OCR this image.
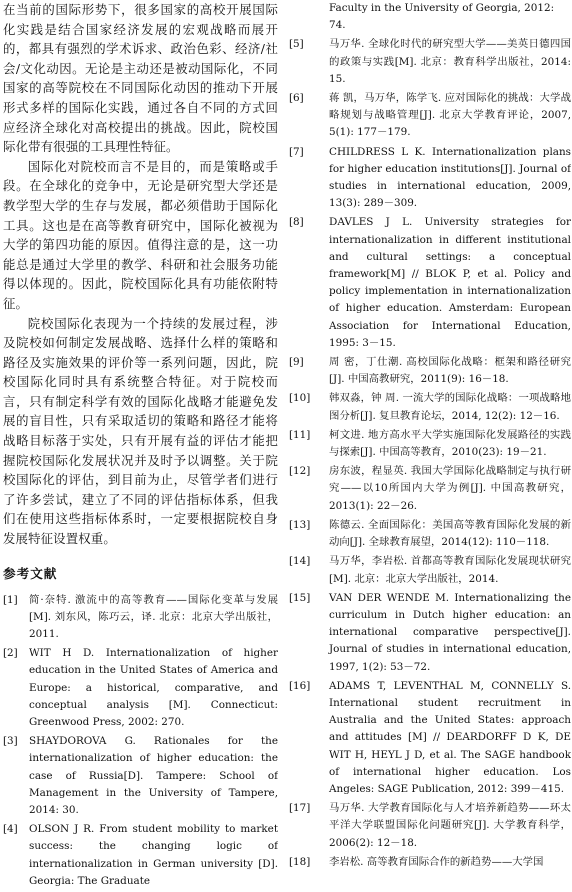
在当前的国际形势下，很多国家的高校开展国际化实践是结合国家经济发展的宏观战略而展开的，都具有强烈的学术诉求、政治色彩、经济/社会/文化动因。无论是主动还是被动国际化，不同国家的高等院校在不同国际化动因的推动下开展形式多样的国际化实践，通过各自不同的方式回应经济全球化对高校提出的挑战。因此，院校国际化带有很强的工具理性特征。

国际化对院校而言不是目的，而是策略或手段。在全球化的竞争中，无论是研究型大学还是教学型大学的生存与发展，都必须借助于国际化工具。这也是在高等教育研究中，国际化被视为大学的第四功能的原因。值得注意的是，这一功能总是通过大学里的教学、科研和社会服务功能得以体现的。因此，院校国际化具有功能依附特征。

院校国际化表现为一个持续的发展过程，涉及院校如何制定发展战略、选择什么样的策略和路径及实施效果的评价等一系列问题，因此，院校国际化同时具有系统整合特征。对于院校而言，只有制定科学有效的国际化战略才能避免发展的盲目性，只有采取适切的策略和路径才能将战略目标落于实处，只有开展有益的评估才能把握院校国际化发展状况并及时予以调整。关于院校国际化的评估，到目前为止，尽管学者们进行了许多尝试，建立了不同的评估指标体系，但我们在使用这些指标体系时，一定要根据院校自身发展特征设置权重。

参考文献
[1]	简·奈特. 激流中的高等教育——国际化变革与发展[M]. 刘东风，陈巧云，译. 北京：北京大学出版社，2011.
[2]	WIT H D. Internationalization of higher education in the United States of America and Europe: a historical, comparative, and conceptual analysis [M]. Connecticut: Greenwood Press, 2002: 270.
[3]	SHAYDOROVA G. Rationales for the internationalization of higher education: the case of Russia[D]. Tampere: School of Management in the University of Tampere, 2014: 30.
[4]	OLSON J R. From student mobility to market success: the changing logic of internationalization in German university [D]. Georgia: The Graduate
Faculty in the University of Georgia, 2012: 74.
[5]	马万华. 全球化时代的研究型大学——美英日德四国的政策与实践[M]. 北京：教育科学出版社，2014: 15.
[6]	蒋 凯，马万华，陈学飞. 应对国际化的挑战：大学战略规划与战略管理[J]. 北京大学教育评论，2007, 5(1): 177－179.
[7]	CHILDRESS L K. Internationalization plans for higher education institutions[J]. Journal of studies in international education, 2009, 13(3): 289－309.
[8]	DAVLES J L. University strategies for internationalization in different institutional and cultural settings: a conceptual framework[M] // BLOK P, et al. Policy and policy implementation in internationalization of higher education. Amsterdam: European Association for International Education, 1995: 3－15.
[9]	周 密，丁仕潮. 高校国际化战略：框架和路径研究[J]. 中国高教研究，2011(9): 16－18.
[10]	韩双淼，钟 周. 一流大学的国际化战略：一项战略地图分析[J]. 复旦教育论坛，2014, 12(2): 12－16.
[11]	柯文进. 地方高水平大学实施国际化发展路径的实践与探索[J]. 中国高等教育，2010(23): 19－21.
[12]	房东波，程显英. 我国大学国际化战略制定与执行研究——以10所国内大学为例[J]. 中国高教研究，2013(1): 22－26.
[13]	陈德云. 全面国际化：美国高等教育国际化发展的新动向[J]. 全球教育展望，2014(12): 110－118.
[14]	马万华，李岩松. 首都高等教育国际化发展现状研究[M]. 北京：北京大学出版社，2014.
[15]	VAN DER WENDE M. Internationalizing the curriculum in Dutch higher education: an international comparative perspective[J]. Journal of studies in international education, 1997, 1(2): 53－72.
[16]	ADAMS T, LEVENTHAL M, CONNELLY S. International student recruitment in Australia and the United States: approach and attitudes [M] // DEARDORFF D K, DE WIT H, HEYL J D, et al. The SAGE handbook of international higher education. Los Angeles: SAGE Publication, 2012: 399－415.
[17]	马万华. 大学教育国际化与人才培养新趋势——环太平洋大学联盟国际化问题研究[J]. 大学教育科学，2006(2): 12－18.
[18]	李岩松. 高等教育国际合作的新趋势——大学国
